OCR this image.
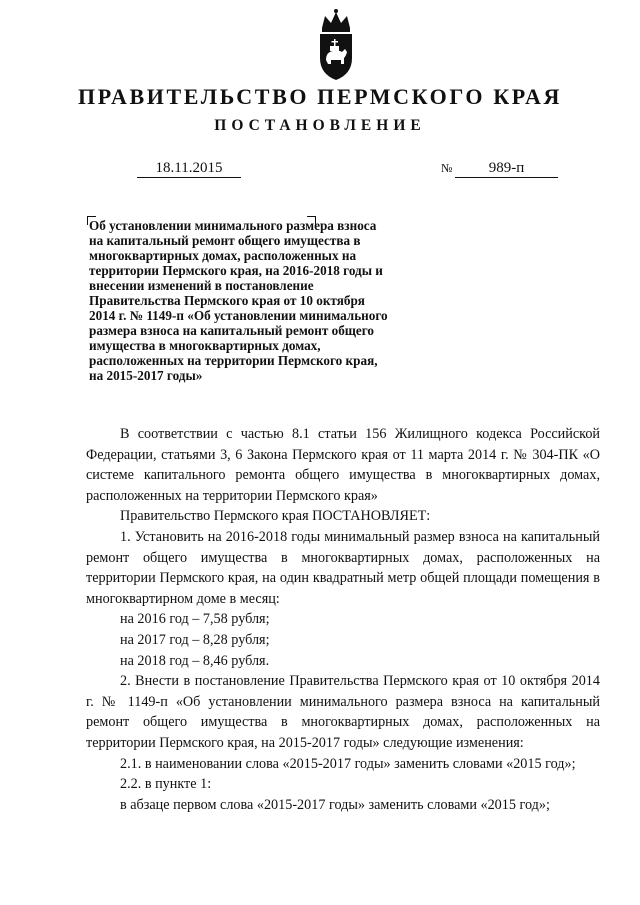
ПРАВИТЕЛЬСТВО ПЕРМСКОГО КРАЯ
ПОСТАНОВЛЕНИЕ
18.11.2015	№	989-п
Об установлении минимального размера взноса на капитальный ремонт общего имущества в многоквартирных домах, расположенных на территории Пермского края, на 2016-2018 годы и внесении изменений в постановление Правительства Пермского края от 10 октября 2014 г. № 1149-п «Об установлении минимального размера взноса на капитальный ремонт общего имущества в многоквартирных домах, расположенных на территории Пермского края, на 2015-2017 годы»

В соответствии с частью 8.1 статьи 156 Жилищного кодекса Российской Федерации, статьями 3, 6 Закона Пермского края от 11 марта 2014 г. № 304-ПК «О системе капитального ремонта общего имущества в многоквартирных домах, расположенных на территории Пермского края»

Правительство Пермского края ПОСТАНОВЛЯЕТ:

1. Установить на 2016-2018 годы минимальный размер взноса на капитальный ремонт общего имущества в многоквартирных домах, расположенных на территории Пермского края, на один квадратный метр общей площади помещения в многоквартирном доме в месяц:

на 2016 год – 7,58 рубля;
на 2017 год – 8,28 рубля;
на 2018 год – 8,46 рубля.

2. Внести в постановление Правительства Пермского края от 10 октября 2014 г. № 1149-п «Об установлении минимального размера взноса на капитальный ремонт общего имущества в многоквартирных домах, расположенных на территории Пермского края, на 2015-2017 годы» следующие изменения:

2.1. в наименовании слова «2015-2017 годы» заменить словами «2015 год»;

2.2. в пункте 1:

в абзаце первом слова «2015-2017 годы» заменить словами «2015 год»;
